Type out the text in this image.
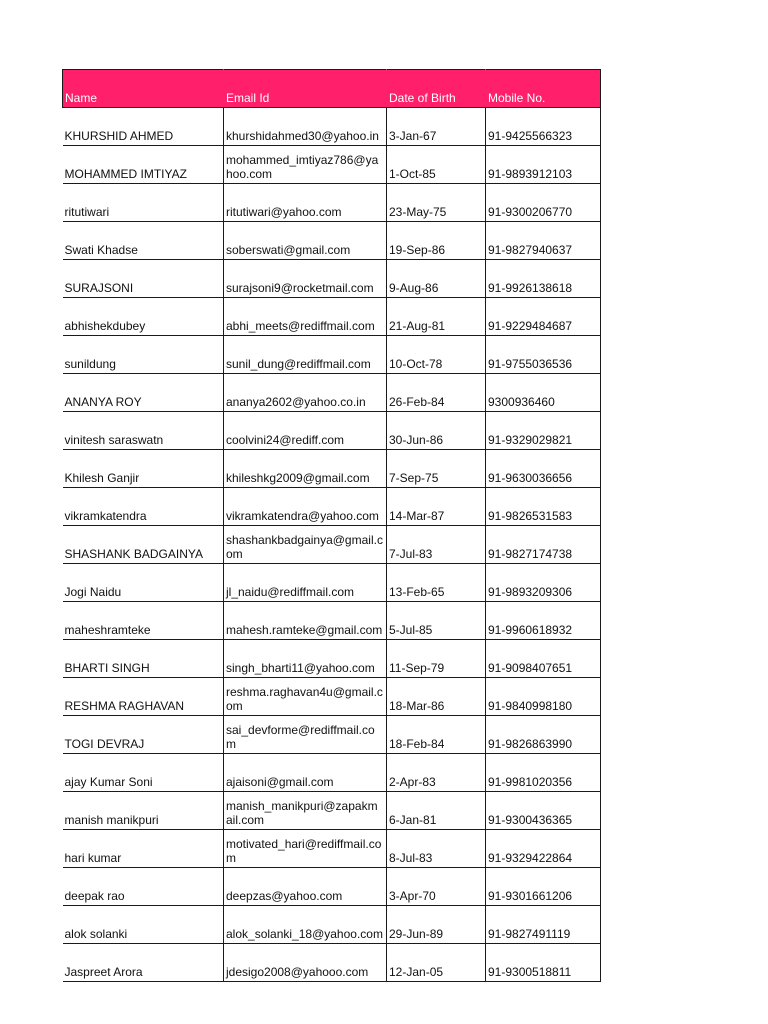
Name	Email Id	Date of Birth	Mobile No.
KHURSHID AHMED	khurshidahmed30@yahoo.in	3-Jan-67	91-9425566323
MOHAMMED IMTIYAZ	mohammed_imtiyaz786@yahoo.com	1-Oct-85	91-9893912103
ritutiwari	ritutiwari@yahoo.com	23-May-75	91-9300206770
Swati Khadse	soberswati@gmail.com	19-Sep-86	91-9827940637
SURAJSONI	surajsoni9@rocketmail.com	9-Aug-86	91-9926138618
abhishekdubey	abhi_meets@rediffmail.com	21-Aug-81	91-9229484687
sunildung	sunil_dung@rediffmail.com	10-Oct-78	91-9755036536
ANANYA ROY	ananya2602@yahoo.co.in	26-Feb-84	9300936460
vinitesh saraswatn	coolvini24@rediff.com	30-Jun-86	91-9329029821
Khilesh Ganjir	khileshkg2009@gmail.com	7-Sep-75	91-9630036656
vikramkatendra	vikramkatendra@yahoo.com	14-Mar-87	91-9826531583
SHASHANK BADGAINYA	shashankbadgainya@gmail.com	7-Jul-83	91-9827174738
Jogi Naidu	jl_naidu@rediffmail.com	13-Feb-65	91-9893209306
maheshramteke	mahesh.ramteke@gmail.com	5-Jul-85	91-9960618932
BHARTI SINGH	singh_bharti11@yahoo.com	11-Sep-79	91-9098407651
RESHMA RAGHAVAN	reshma.raghavan4u@gmail.com	18-Mar-86	91-9840998180
TOGI DEVRAJ	sai_devforme@rediffmail.com	18-Feb-84	91-9826863990
ajay Kumar Soni	ajaisoni@gmail.com	2-Apr-83	91-9981020356
manish manikpuri	manish_manikpuri@zapakmail.com	6-Jan-81	91-9300436365
hari kumar	motivated_hari@rediffmail.com	8-Jul-83	91-9329422864
deepak rao	deepzas@yahoo.com	3-Apr-70	91-9301661206
alok solanki	alok_solanki_18@yahoo.com	29-Jun-89	91-9827491119
Jaspreet Arora	jdesigo2008@yahooo.com	12-Jan-05	91-9300518811
